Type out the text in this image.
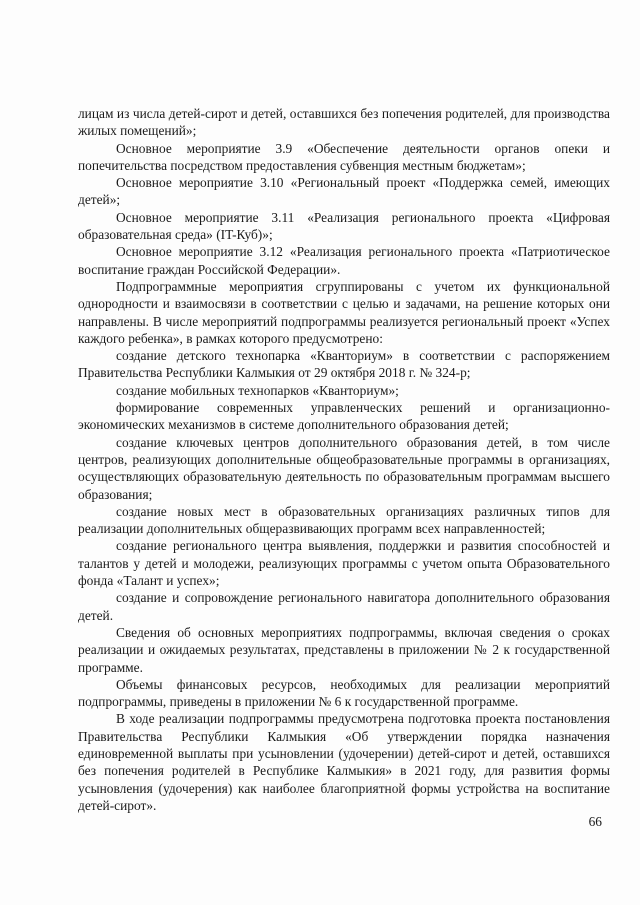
лицам из числа детей-сирот и детей, оставшихся без попечения родителей, для производства жилых помещений»;

Основное мероприятие 3.9 «Обеспечение деятельности органов опеки и попечительства посредством предоставления субвенция местным бюджетам»;

Основное мероприятие 3.10 «Региональный проект «Поддержка семей, имеющих детей»;

Основное мероприятие 3.11 «Реализация регионального проекта «Цифровая образовательная среда» (IT-Куб)»;

Основное мероприятие 3.12 «Реализация регионального проекта «Патриотическое воспитание граждан Российской Федерации».

Подпрограммные мероприятия сгруппированы с учетом их функциональной однородности и взаимосвязи в соответствии с целью и задачами, на решение которых они направлены. В числе мероприятий подпрограммы реализуется региональный проект «Успех каждого ребенка», в рамках которого предусмотрено:

создание детского технопарка «Кванториум» в соответствии с распоряжением Правительства Республики Калмыкия от 29 октября 2018 г. № 324-р;

создание мобильных технопарков «Кванториум»;

формирование современных управленческих решений и организационно-экономических механизмов в системе дополнительного образования детей;

создание ключевых центров дополнительного образования детей, в том числе центров, реализующих дополнительные общеобразовательные программы в организациях, осуществляющих образовательную деятельность по образовательным программам высшего образования;

создание новых мест в образовательных организациях различных типов для реализации дополнительных общеразвивающих программ всех направленностей;

создание регионального центра выявления, поддержки и развития способностей и талантов у детей и молодежи, реализующих программы с учетом опыта Образовательного фонда «Талант и успех»;

создание и сопровождение регионального навигатора дополнительного образования детей.

Сведения об основных мероприятиях подпрограммы, включая сведения о сроках реализации и ожидаемых результатах, представлены в приложении № 2 к государственной программе.

Объемы финансовых ресурсов, необходимых для реализации мероприятий подпрограммы, приведены в приложении № 6 к государственной программе.

В ходе реализации подпрограммы предусмотрена подготовка проекта постановления Правительства Республики Калмыкия «Об утверждении порядка назначения единовременной выплаты при усыновлении (удочерении) детей-сирот и детей, оставшихся без попечения родителей в Республике Калмыкия» в 2021 году, для развития формы усыновления (удочерения) как наиболее благоприятной формы устройства на воспитание детей-сирот».

66
